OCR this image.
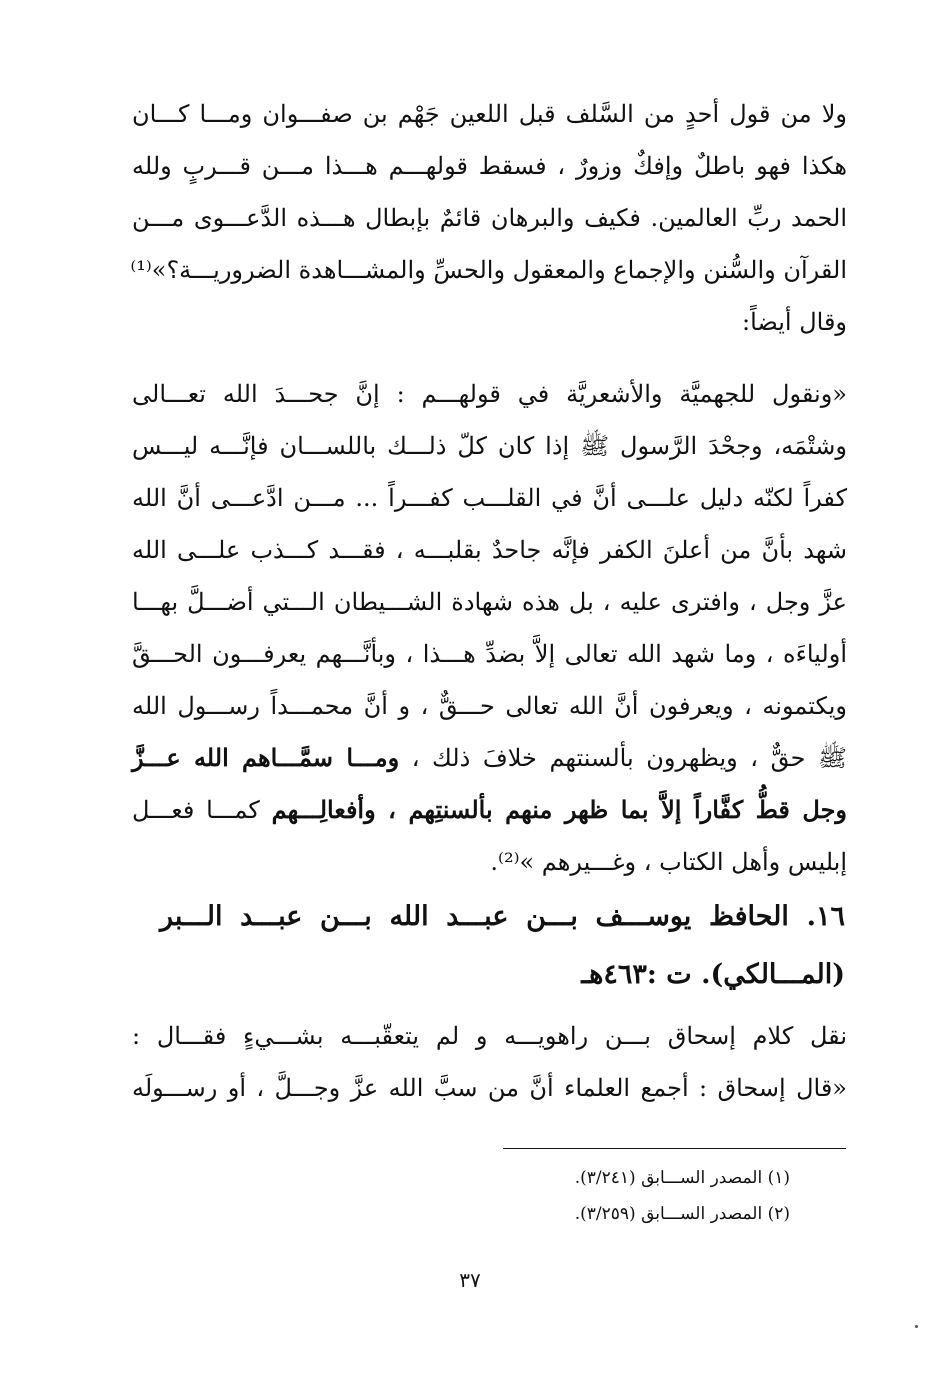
ولا من قول أحدٍ من السَّلف قبل اللعين جَهْم بن صفـــوان ومـــا كـــان
هكذا فهو باطلٌ وإفكٌ وزورٌ ، فسقط قولهـــم هـــذا مـــن قـــربٍ ولله
الحمد ربِّ العالمين. فكيف والبرهان قائمٌ بإبطال هـــذه الدَّعـــوى مـــن
القرآن والسُّنن والإجماع والمعقول والحسِّ والمشـــاهدة الضروريـــة؟»⁽¹⁾
وقال أيضاً:
«ونقول للجهميَّة والأشعريَّة في قولهـــم : إنَّ جحـــدَ الله تعـــالى
وشتْمَه، وجحْدَ الرَّسول ﷺ إذا كان كلّ ذلـــك باللســـان فإنَّـــه ليـــس
كفراً لكنّه دليل علـــى أنَّ في القلـــب كفـــراً ... مـــن ادَّعـــى أنَّ الله
شهد بأنَّ من أعلنَ الكفر فإنَّه جاحدٌ بقلبـــه ، فقـــد كـــذب علـــى الله
عزَّ وجل ، وافترى عليه ، بل هذه شهادة الشـــيطان الـــتي أضـــلَّ بهـــا
أولياءَه ، وما شهد الله تعالى إلاَّ بضدِّ هـــذا ، وبأنَّـــهم يعرفـــون الحـــقَّ
ويكتمونه ، ويعرفون أنَّ الله تعالى حـــقٌّ ، و أنَّ محمـــداً رســـول الله
ﷺ حقٌّ ، ويظهرون بألسنتهم خلافَ ذلك ، ومـــا سمَّـــاهم الله عـــزَّ
وجل قطُّ كفَّاراً إلاَّ بما ظهر منهم بألسنتِهم ، وأفعالِـــهم كمـــا فعـــل
إبليس وأهل الكتاب ، وغـــيرهم »⁽²⁾.
١٦. الحافظ يوســـف بـــن عبـــد الله بـــن عبـــد الـــبر
(المـــالكي). ت :٤٦٣هـ
نقل كلام إسحاق بـــن راهويـــه و لم يتعقّبـــه بشـــيءٍ فقـــال :
«قال إسحاق : أجمع العلماء أنَّ من سبَّ الله عزَّ وجـــلَّ ، أو رســـولَه
(١) المصدر الســـابق (٣/٢٤١).
(٢) المصدر الســـابق (٣/٢٥٩).
٣٧
